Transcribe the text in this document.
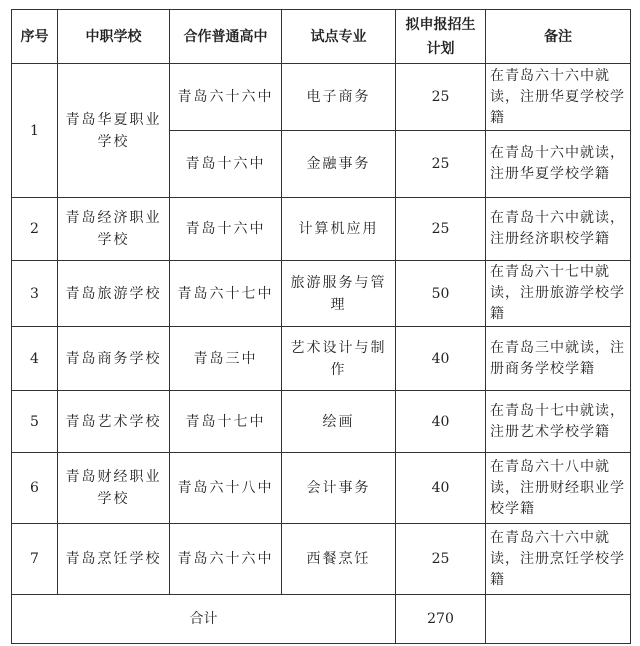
序号	中职学校	合作普通高中	试点专业	拟申报招生计划	备注
1	青岛华夏职业学校	青岛六十六中	电子商务	25	在青岛六十六中就读，注册华夏学校学籍
		青岛十六中	金融事务	25	在青岛十六中就读，注册华夏学校学籍
2	青岛经济职业学校	青岛十六中	计算机应用	25	在青岛十六中就读，注册经济职校学籍
3	青岛旅游学校	青岛六十七中	旅游服务与管理	50	在青岛六十七中就读，注册旅游学校学籍
4	青岛商务学校	青岛三中	艺术设计与制作	40	在青岛三中就读，注册商务学校学籍
5	青岛艺术学校	青岛十七中	绘画	40	在青岛十七中就读，注册艺术学校学籍
6	青岛财经职业学校	青岛六十八中	会计事务	40	在青岛六十八中就读，注册财经职业学校学籍
7	青岛烹饪学校	青岛六十六中	西餐烹饪	25	在青岛六十六中就读，注册烹饪学校学籍
合计				270	
